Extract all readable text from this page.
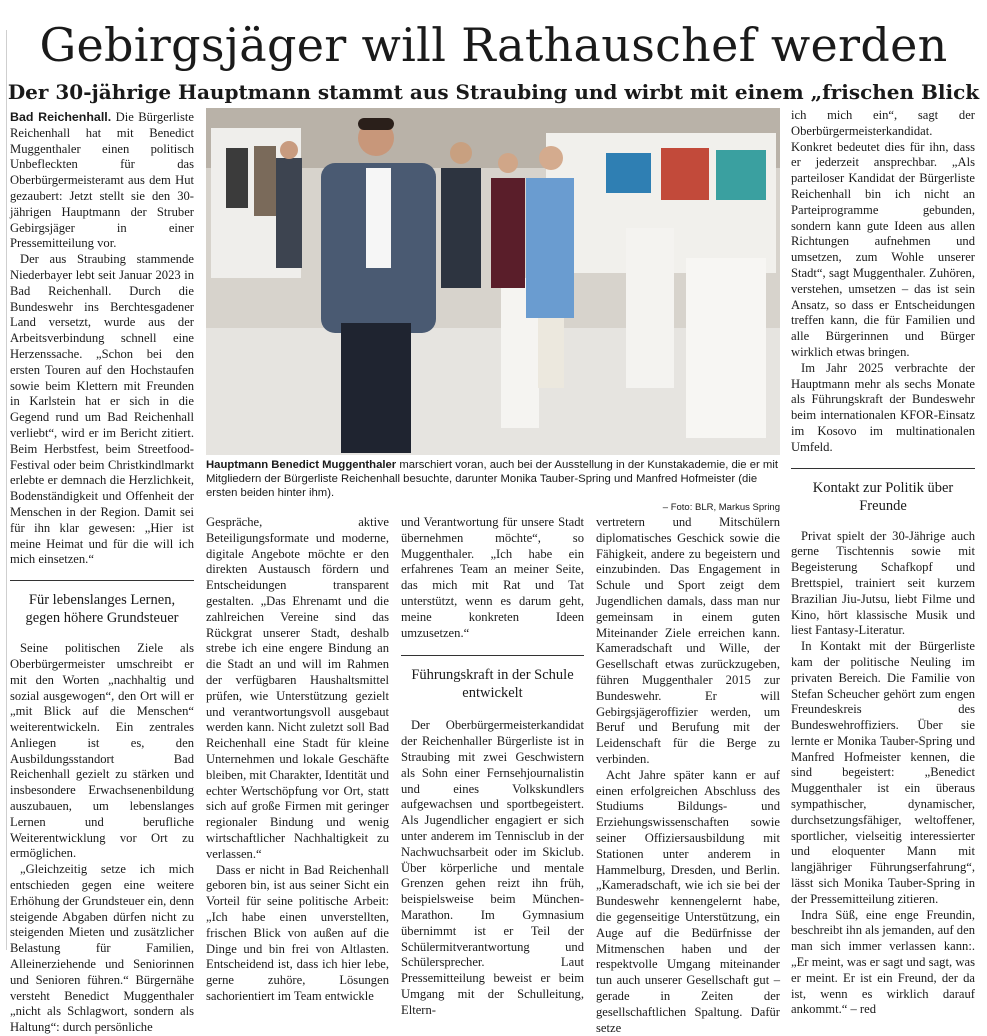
Gebirgsjäger will Rathauschef werden
Der 30-jährige Hauptmann stammt aus Straubing und wirbt mit einem „frischen Blick

Bad Reichenhall. Die Bürgerliste Reichenhall hat mit Benedict Muggenthaler einen politisch Unbefleckten für das Oberbürgermeisteramt aus dem Hut gezaubert: Jetzt stellt sie den 30-jährigen Hauptmann der Struber Gebirgsjäger in einer Pressemitteilung vor.

Der aus Straubing stammende Niederbayer lebt seit Januar 2023 in Bad Reichenhall. Durch die Bundeswehr ins Berchtesgadener Land versetzt, wurde aus der Arbeitsverbindung schnell eine Herzenssache. „Schon bei den ersten Touren auf den Hochstaufen sowie beim Klettern mit Freunden in Karlstein hat er sich in die Gegend rund um Bad Reichenhall verliebt“, wird er im Bericht zitiert. Beim Herbstfest, beim Streetfood-Festival oder beim Christkindlmarkt erlebte er demnach die Herzlichkeit, Bodenständigkeit und Offenheit der Menschen in der Region. Damit sei für ihn klar gewesen: „Hier ist meine Heimat und für die will ich mich einsetzen.“

Für lebenslanges Lernen, gegen höhere Grundsteuer

Seine politischen Ziele als Oberbürgermeister umschreibt er mit den Worten „nachhaltig und sozial ausgewogen“, den Ort will er „mit Blick auf die Menschen“ weiterentwickeln. Ein zentrales Anliegen ist es, den Ausbildungsstandort Bad Reichenhall gezielt zu stärken und insbesondere Erwachsenenbildung auszubauen, um lebenslanges Lernen und berufliche Weiterentwicklung vor Ort zu ermöglichen.

„Gleichzeitig setze ich mich entschieden gegen eine weitere Erhöhung der Grundsteuer ein, denn steigende Abgaben dürfen nicht zu steigenden Mieten und zusätzlicher Belastung für Familien, Alleinerziehende und Seniorinnen und Senioren führen.“ Bürgernähe versteht Benedict Muggenthaler „nicht als Schlagwort, sondern als Haltung“: durch persönliche

Hauptmann Benedict Muggenthaler marschiert voran, auch bei der Ausstellung in der Kunstakademie, die er mit Mitgliedern der Bürgerliste Reichenhall besuchte, darunter Monika Tauber-Spring und Manfred Hofmeister (die ersten beiden hinter ihm).
– Foto: BLR, Markus Spring

Gespräche, aktive Beteiligungsformate und moderne, digitale Angebote möchte er den direkten Austausch fördern und Entscheidungen transparent gestalten. „Das Ehrenamt und die zahlreichen Vereine sind das Rückgrat unserer Stadt, deshalb strebe ich eine engere Bindung an die Stadt an und will im Rahmen der verfügbaren Haushaltsmittel prüfen, wie Unterstützung gezielt und verantwortungsvoll ausgebaut werden kann. Nicht zuletzt soll Bad Reichenhall eine Stadt für kleine Unternehmen und lokale Geschäfte bleiben, mit Charakter, Identität und echter Wertschöpfung vor Ort, statt sich auf große Firmen mit geringer regionaler Bindung und wenig wirtschaftlicher Nachhaltigkeit zu verlassen.“

Dass er nicht in Bad Reichenhall geboren bin, ist aus seiner Sicht ein Vorteil für seine politische Arbeit: „Ich habe einen unverstellten, frischen Blick von außen auf die Dinge und bin frei von Altlasten. Entscheidend ist, dass ich hier lebe, gerne zuhöre, Lösungen sachorientiert im Team entwickle

und Verantwortung für unsere Stadt übernehmen möchte“, so Muggenthaler. „Ich habe ein erfahrenes Team an meiner Seite, das mich mit Rat und Tat unterstützt, wenn es darum geht, meine konkreten Ideen umzusetzen.“

Führungskraft in der Schule entwickelt

Der Oberbürgermeisterkandidat der Reichenhaller Bürgerliste ist in Straubing mit zwei Geschwistern als Sohn einer Fernsehjournalistin und eines Volkskundlers aufgewachsen und sportbegeistert. Als Jugendlicher engagiert er sich unter anderem im Tennisclub in der Nachwuchsarbeit oder im Skiclub. Über körperliche und mentale Grenzen gehen reizt ihn früh, beispielsweise beim München-Marathon. Im Gymnasium übernimmt ist er Teil der Schülermitverantwortung und Schülersprecher. Laut Pressemitteilung beweist er beim Umgang mit der Schulleitung, Eltern-

vertretern und Mitschülern diplomatisches Geschick sowie die Fähigkeit, andere zu begeistern und einzubinden. Das Engagement in Schule und Sport zeigt dem Jugendlichen damals, dass man nur gemeinsam in einem guten Miteinander Ziele erreichen kann. Kameradschaft und Wille, der Gesellschaft etwas zurückzugeben, führen Muggenthaler 2015 zur Bundeswehr. Er will Gebirgsjägeroffizier werden, um Beruf und Berufung mit der Leidenschaft für die Berge zu verbinden.

Acht Jahre später kann er auf einen erfolgreichen Abschluss des Studiums Bildungs- und Erziehungswissenschaften sowie seiner Offiziersausbildung mit Stationen unter anderem in Hammelburg, Dresden, und Berlin. „Kameradschaft, wie ich sie bei der Bundeswehr kennengelernt habe, die gegenseitige Unterstützung, ein Auge auf die Bedürfnisse der Mitmenschen haben und der respektvolle Umgang miteinander tun auch unserer Gesellschaft gut – gerade in Zeiten der gesellschaftlichen Spaltung. Dafür setze

ich mich ein“, sagt der Oberbürgermeisterkandidat. Konkret bedeutet dies für ihn, dass er jederzeit ansprechbar. „Als parteiloser Kandidat der Bürgerliste Reichenhall bin ich nicht an Parteiprogramme gebunden, sondern kann gute Ideen aus allen Richtungen aufnehmen und umsetzen, zum Wohle unserer Stadt“, sagt Muggenthaler. Zuhören, verstehen, umsetzen – das ist sein Ansatz, so dass er Entscheidungen treffen kann, die für Familien und alle Bürgerinnen und Bürger wirklich etwas bringen.

Im Jahr 2025 verbrachte der Hauptmann mehr als sechs Monate als Führungskraft der Bundeswehr beim internationalen KFOR-Einsatz im Kosovo im multinationalen Umfeld.

Kontakt zur Politik über Freunde

Privat spielt der 30-Jährige auch gerne Tischtennis sowie mit Begeisterung Schafkopf und Brettspiel, trainiert seit kurzem Brazilian Jiu-Jutsu, liebt Filme und Kino, hört klassische Musik und liest Fantasy-Literatur.

In Kontakt mit der Bürgerliste kam der politische Neuling im privaten Bereich. Die Familie von Stefan Scheucher gehört zum engen Freundeskreis des Bundeswehroffiziers. Über sie lernte er Monika Tauber-Spring und Manfred Hofmeister kennen, die sind begeistert: „Benedict Muggenthaler ist ein überaus sympathischer, dynamischer, durchsetzungsfähiger, weltoffener, sportlicher, vielseitig interessierter und eloquenter Mann mit langjähriger Führungserfahrung“, lässt sich Monika Tauber-Spring in der Pressemitteilung zitieren.

Indra Süß, eine enge Freundin, beschreibt ihn als jemanden, auf den man sich immer verlassen kann:. „Er meint, was er sagt und sagt, was er meint. Er ist ein Freund, der da ist, wenn es wirklich darauf ankommt.“ – red
